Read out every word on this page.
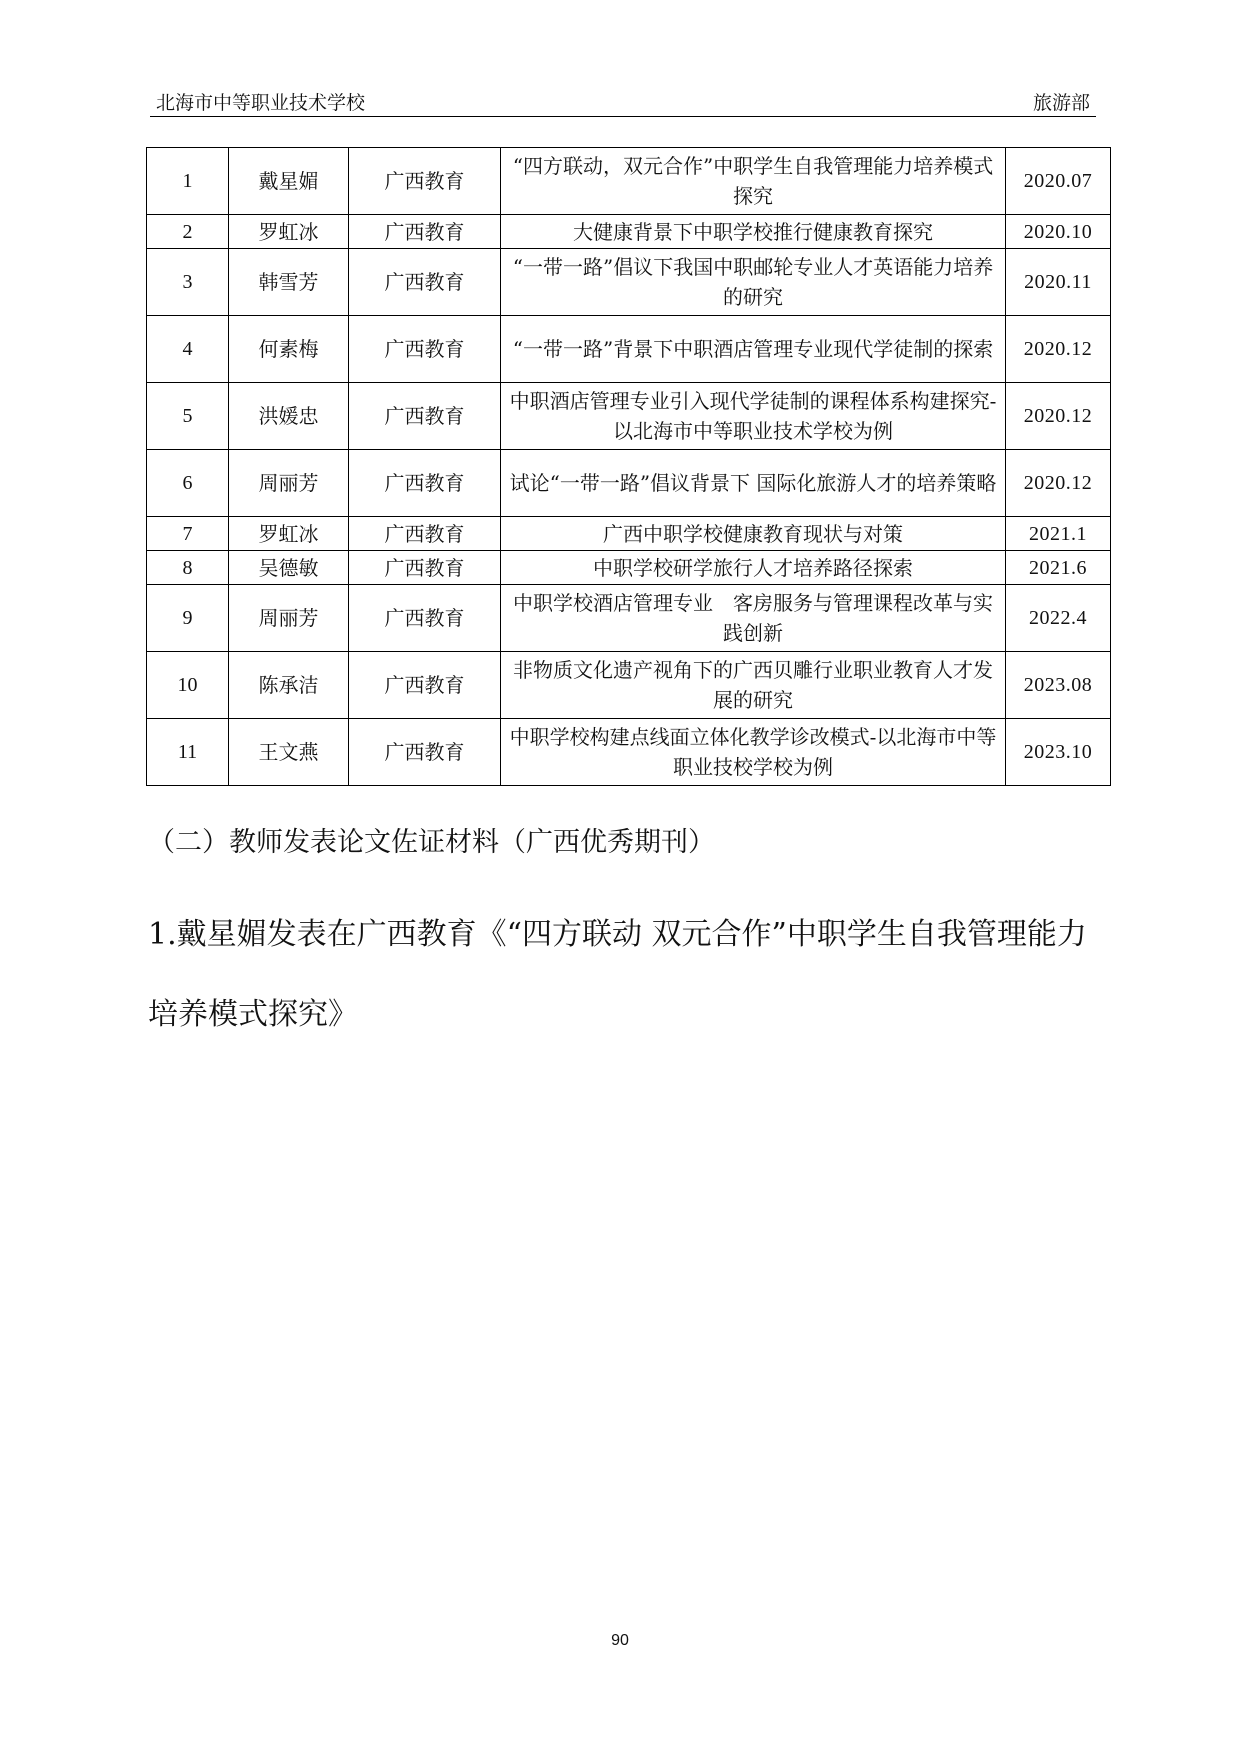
北海市中等职业技术学校	旅游部
1	戴星媚	广西教育	“四方联动，双元合作”中职学生自我管理能力培养模式探究	2020.07
2	罗虹冰	广西教育	大健康背景下中职学校推行健康教育探究	2020.10
3	韩雪芳	广西教育	“一带一路”倡议下我国中职邮轮专业人才英语能力培养的研究	2020.11
4	何素梅	广西教育	“一带一路”背景下中职酒店管理专业现代学徒制的探索	2020.12
5	洪媛忠	广西教育	中职酒店管理专业引入现代学徒制的课程体系构建探究-以北海市中等职业技术学校为例	2020.12
6	周丽芳	广西教育	试论“一带一路”倡议背景下 国际化旅游人才的培养策略	2020.12
7	罗虹冰	广西教育	广西中职学校健康教育现状与对策	2021.1
8	吴德敏	广西教育	中职学校研学旅行人才培养路径探索	2021.6
9	周丽芳	广西教育	中职学校酒店管理专业　客房服务与管理课程改革与实践创新	2022.4
10	陈承洁	广西教育	非物质文化遗产视角下的广西贝雕行业职业教育人才发展的研究	2023.08
11	王文燕	广西教育	中职学校构建点线面立体化教学诊改模式-以北海市中等职业技校学校为例	2023.10
（二）教师发表论文佐证材料（广西优秀期刊）
1.戴星媚发表在广西教育《“四方联动 双元合作”中职学生自我管理能力培养模式探究》
90
